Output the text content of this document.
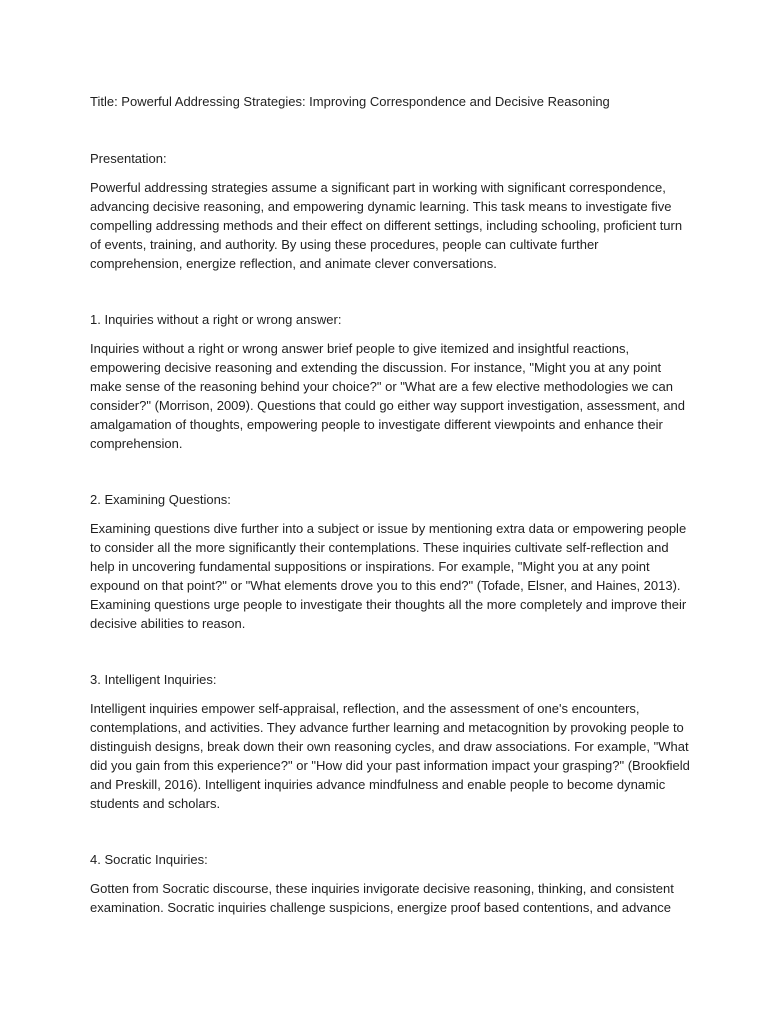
Title: Powerful Addressing Strategies: Improving Correspondence and Decisive Reasoning

Presentation:

Powerful addressing strategies assume a significant part in working with significant correspondence, advancing decisive reasoning, and empowering dynamic learning. This task means to investigate five compelling addressing methods and their effect on different settings, including schooling, proficient turn of events, training, and authority. By using these procedures, people can cultivate further comprehension, energize reflection, and animate clever conversations.

1. Inquiries without a right or wrong answer:

Inquiries without a right or wrong answer brief people to give itemized and insightful reactions, empowering decisive reasoning and extending the discussion. For instance, "Might you at any point make sense of the reasoning behind your choice?" or "What are a few elective methodologies we can consider?" (Morrison, 2009). Questions that could go either way support investigation, assessment, and amalgamation of thoughts, empowering people to investigate different viewpoints and enhance their comprehension.

2. Examining Questions:

Examining questions dive further into a subject or issue by mentioning extra data or empowering people to consider all the more significantly their contemplations. These inquiries cultivate self-reflection and help in uncovering fundamental suppositions or inspirations. For example, "Might you at any point expound on that point?" or "What elements drove you to this end?" (Tofade, Elsner, and Haines, 2013). Examining questions urge people to investigate their thoughts all the more completely and improve their decisive abilities to reason.

3. Intelligent Inquiries:

Intelligent inquiries empower self-appraisal, reflection, and the assessment of one's encounters, contemplations, and activities. They advance further learning and metacognition by provoking people to distinguish designs, break down their own reasoning cycles, and draw associations. For example, "What did you gain from this experience?" or "How did your past information impact your grasping?" (Brookfield and Preskill, 2016). Intelligent inquiries advance mindfulness and enable people to become dynamic students and scholars.

4. Socratic Inquiries:

Gotten from Socratic discourse, these inquiries invigorate decisive reasoning, thinking, and consistent examination. Socratic inquiries challenge suspicions, energize proof based contentions, and advance
